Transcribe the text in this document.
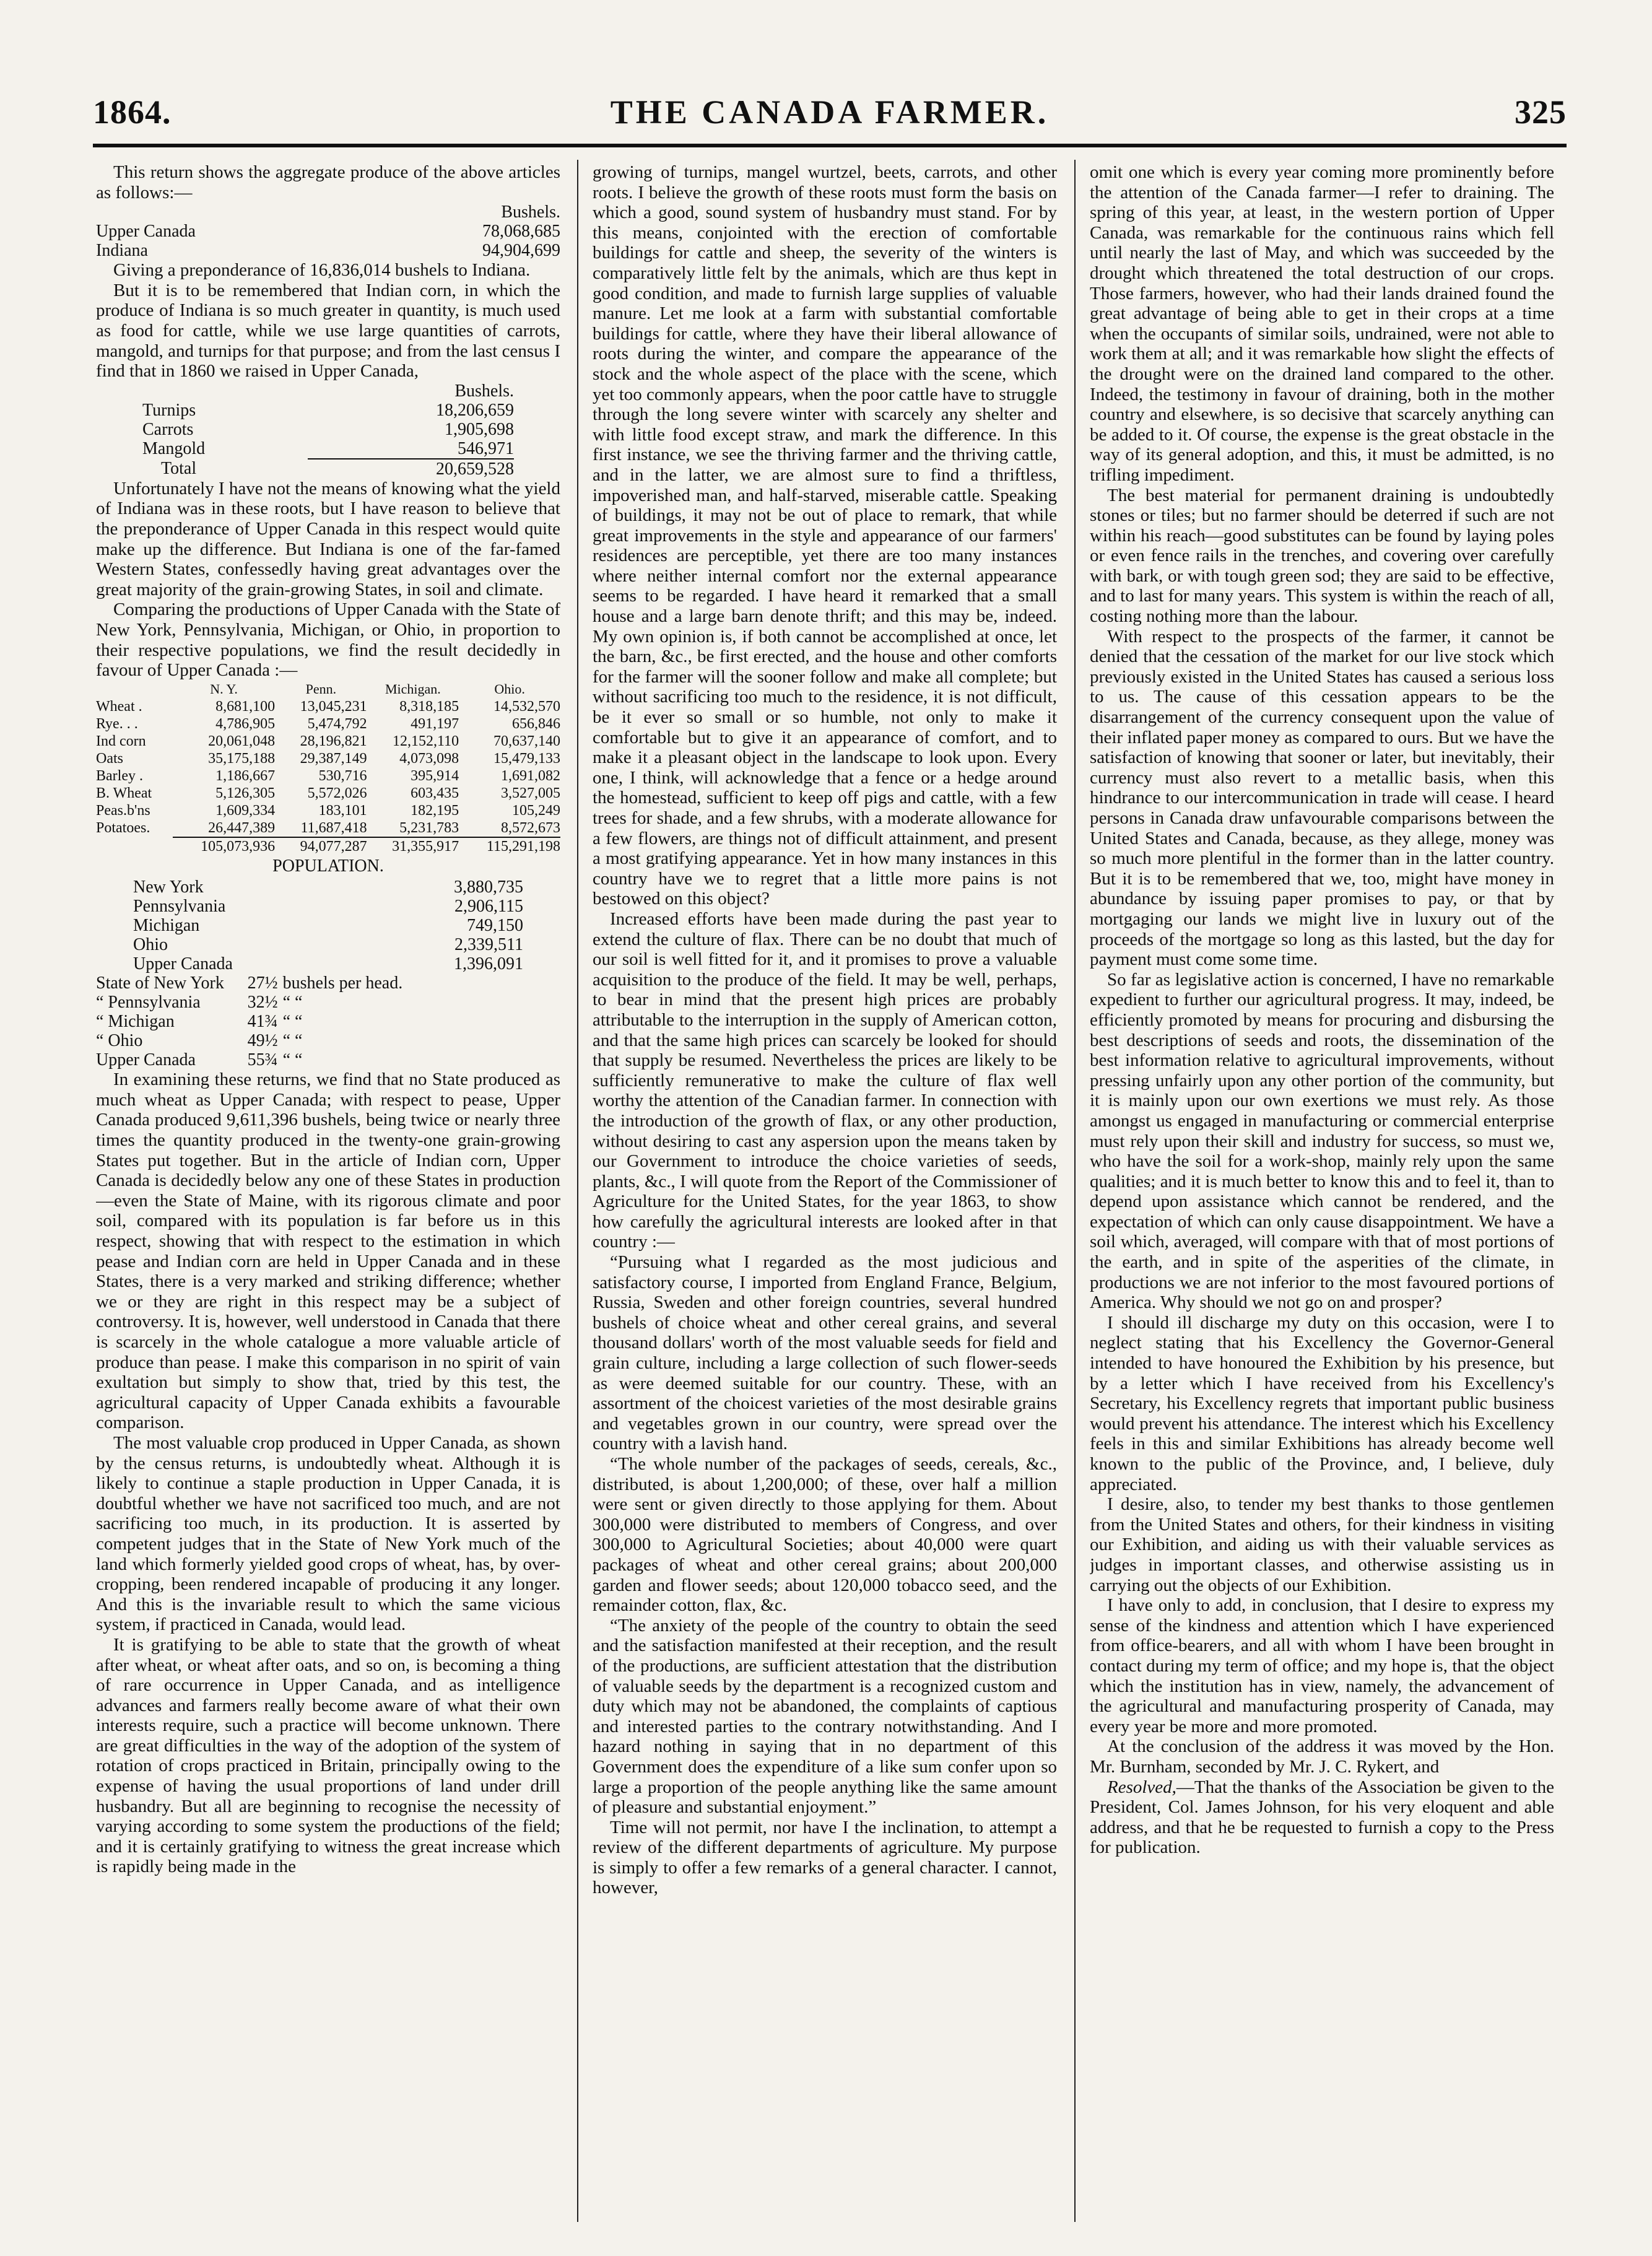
THE CANADA FARMER.
1864.	325

This return shows the aggregate produce of the above articles as follows:—

	Bushels.
Upper Canada	78,068,685
Indiana	94,904,699

Giving a preponderance of 16,836,014 bushels to Indiana.

But it is to be remembered that Indian corn, in which the produce of Indiana is so much greater in quantity, is much used as food for cattle, while we use large quantities of carrots, mangold, and turnips for that purpose; and from the last census I find that in 1860 we raised in Upper Canada,

	Bushels.
Turnips	18,206,659
Carrots	1,905,698
Mangold	546,971
Total	20,659,528

Unfortunately I have not the means of knowing what the yield of Indiana was in these roots, but I have reason to believe that the preponderance of Upper Canada in this respect would quite make up the difference. But Indiana is one of the far-famed Western States, confessedly having great advantages over the great majority of the grain-growing States, in soil and climate.

Comparing the productions of Upper Canada with the State of New York, Pennsylvania, Michigan, or Ohio, in proportion to their respective populations, we find the result decidedly in favour of Upper Canada :—

	N. Y.	Penn.	Michigan.	Ohio.
Wheat .	8,681,100	13,045,231	8,318,185	14,532,570
Rye. . .	4,786,905	5,474,792	491,197	656,846
Ind corn	20,061,048	28,196,821	12,152,110	70,637,140
Oats	35,175,188	29,387,149	4,073,098	15,479,133
Barley .	1,186,667	530,716	395,914	1,691,082
B. Wheat	5,126,305	5,572,026	603,435	3,527,005
Peas.b'ns	1,609,334	183,101	182,195	105,249
Potatoes.	26,447,389	11,687,418	5,231,783	8,572,673
	105,073,936	94,077,287	31,355,917	115,291,198
POPULATION.
New York	3,880,735
Pennsylvania	2,906,115
Michigan	749,150
Ohio	2,339,511
Upper Canada	1,396,091
State of New York	27½	bushels per head.
“ Pennsylvania	32½	“ “
“ Michigan	41¾	“ “
“ Ohio	49½	“ “
Upper Canada	55¾	“ “

In examining these returns, we find that no State produced as much wheat as Upper Canada; with respect to pease, Upper Canada produced 9,611,396 bushels, being twice or nearly three times the quantity produced in the twenty-one grain-growing States put together. But in the article of Indian corn, Upper Canada is decidedly below any one of these States in production—even the State of Maine, with its rigorous climate and poor soil, compared with its population is far before us in this respect, showing that with respect to the estimation in which pease and Indian corn are held in Upper Canada and in these States, there is a very marked and striking difference; whether we or they are right in this respect may be a subject of controversy. It is, however, well understood in Canada that there is scarcely in the whole catalogue a more valuable article of produce than pease. I make this comparison in no spirit of vain exultation but simply to show that, tried by this test, the agricultural capacity of Upper Canada exhibits a favourable comparison.

The most valuable crop produced in Upper Canada, as shown by the census returns, is undoubtedly wheat. Although it is likely to continue a staple production in Upper Canada, it is doubtful whether we have not sacrificed too much, and are not sacrificing too much, in its production. It is asserted by competent judges that in the State of New York much of the land which formerly yielded good crops of wheat, has, by over-cropping, been rendered incapable of producing it any longer. And this is the invariable result to which the same vicious system, if practiced in Canada, would lead.

It is gratifying to be able to state that the growth of wheat after wheat, or wheat after oats, and so on, is becoming a thing of rare occurrence in Upper Canada, and as intelligence advances and farmers really become aware of what their own interests require, such a practice will become unknown. There are great difficulties in the way of the adoption of the system of rotation of crops practiced in Britain, principally owing to the expense of having the usual proportions of land under drill husbandry. But all are beginning to recognise the necessity of varying according to some system the productions of the field; and it is certainly gratifying to witness the great increase which is rapidly being made in the

growing of turnips, mangel wurtzel, beets, carrots, and other roots. I believe the growth of these roots must form the basis on which a good, sound system of husbandry must stand. For by this means, conjointed with the erection of comfortable buildings for cattle and sheep, the severity of the winters is comparatively little felt by the animals, which are thus kept in good condition, and made to furnish large supplies of valuable manure. Let me look at a farm with substantial comfortable buildings for cattle, where they have their liberal allowance of roots during the winter, and compare the appearance of the stock and the whole aspect of the place with the scene, which yet too commonly appears, when the poor cattle have to struggle through the long severe winter with scarcely any shelter and with little food except straw, and mark the difference. In this first instance, we see the thriving farmer and the thriving cattle, and in the latter, we are almost sure to find a thriftless, impoverished man, and half-starved, miserable cattle. Speaking of buildings, it may not be out of place to remark, that while great improvements in the style and appearance of our farmers' residences are perceptible, yet there are too many instances where neither internal comfort nor the external appearance seems to be regarded. I have heard it remarked that a small house and a large barn denote thrift; and this may be, indeed. My own opinion is, if both cannot be accomplished at once, let the barn, &c., be first erected, and the house and other comforts for the farmer will the sooner follow and make all complete; but without sacrificing too much to the residence, it is not difficult, be it ever so small or so humble, not only to make it comfortable but to give it an appearance of comfort, and to make it a pleasant object in the landscape to look upon. Every one, I think, will acknowledge that a fence or a hedge around the homestead, sufficient to keep off pigs and cattle, with a few trees for shade, and a few shrubs, with a moderate allowance for a few flowers, are things not of difficult attainment, and present a most gratifying appearance. Yet in how many instances in this country have we to regret that a little more pains is not bestowed on this object?

Increased efforts have been made during the past year to extend the culture of flax. There can be no doubt that much of our soil is well fitted for it, and it promises to prove a valuable acquisition to the produce of the field. It may be well, perhaps, to bear in mind that the present high prices are probably attributable to the interruption in the supply of American cotton, and that the same high prices can scarcely be looked for should that supply be resumed. Nevertheless the prices are likely to be sufficiently remunerative to make the culture of flax well worthy the attention of the Canadian farmer. In connection with the introduction of the growth of flax, or any other production, without desiring to cast any aspersion upon the means taken by our Government to introduce the choice varieties of seeds, plants, &c., I will quote from the Report of the Commissioner of Agriculture for the United States, for the year 1863, to show how carefully the agricultural interests are looked after in that country :—

“Pursuing what I regarded as the most judicious and satisfactory course, I imported from England France, Belgium, Russia, Sweden and other foreign countries, several hundred bushels of choice wheat and other cereal grains, and several thousand dollars' worth of the most valuable seeds for field and grain culture, including a large collection of such flower-seeds as were deemed suitable for our country. These, with an assortment of the choicest varieties of the most desirable grains and vegetables grown in our country, were spread over the country with a lavish hand.

“The whole number of the packages of seeds, cereals, &c., distributed, is about 1,200,000; of these, over half a million were sent or given directly to those applying for them. About 300,000 were distributed to members of Congress, and over 300,000 to Agricultural Societies; about 40,000 were quart packages of wheat and other cereal grains; about 200,000 garden and flower seeds; about 120,000 tobacco seed, and the remainder cotton, flax, &c.

“The anxiety of the people of the country to obtain the seed and the satisfaction manifested at their reception, and the result of the productions, are sufficient attestation that the distribution of valuable seeds by the department is a recognized custom and duty which may not be abandoned, the complaints of captious and interested parties to the contrary notwithstanding. And I hazard nothing in saying that in no department of this Government does the expenditure of a like sum confer upon so large a proportion of the people anything like the same amount of pleasure and substantial enjoyment.”

Time will not permit, nor have I the inclination, to attempt a review of the different departments of agriculture. My purpose is simply to offer a few remarks of a general character. I cannot, however,

omit one which is every year coming more prominently before the attention of the Canada farmer—I refer to draining. The spring of this year, at least, in the western portion of Upper Canada, was remarkable for the continuous rains which fell until nearly the last of May, and which was succeeded by the drought which threatened the total destruction of our crops. Those farmers, however, who had their lands drained found the great advantage of being able to get in their crops at a time when the occupants of similar soils, undrained, were not able to work them at all; and it was remarkable how slight the effects of the drought were on the drained land compared to the other. Indeed, the testimony in favour of draining, both in the mother country and elsewhere, is so decisive that scarcely anything can be added to it. Of course, the expense is the great obstacle in the way of its general adoption, and this, it must be admitted, is no trifling impediment.

The best material for permanent draining is undoubtedly stones or tiles; but no farmer should be deterred if such are not within his reach—good substitutes can be found by laying poles or even fence rails in the trenches, and covering over carefully with bark, or with tough green sod; they are said to be effective, and to last for many years. This system is within the reach of all, costing nothing more than the labour.

With respect to the prospects of the farmer, it cannot be denied that the cessation of the market for our live stock which previously existed in the United States has caused a serious loss to us. The cause of this cessation appears to be the disarrangement of the currency consequent upon the value of their inflated paper money as compared to ours. But we have the satisfaction of knowing that sooner or later, but inevitably, their currency must also revert to a metallic basis, when this hindrance to our intercommunication in trade will cease. I heard persons in Canada draw unfavourable comparisons between the United States and Canada, because, as they allege, money was so much more plentiful in the former than in the latter country. But it is to be remembered that we, too, might have money in abundance by issuing paper promises to pay, or that by mortgaging our lands we might live in luxury out of the proceeds of the mortgage so long as this lasted, but the day for payment must come some time.

So far as legislative action is concerned, I have no remarkable expedient to further our agricultural progress. It may, indeed, be efficiently promoted by means for procuring and disbursing the best descriptions of seeds and roots, the dissemination of the best information relative to agricultural improvements, without pressing unfairly upon any other portion of the community, but it is mainly upon our own exertions we must rely. As those amongst us engaged in manufacturing or commercial enterprise must rely upon their skill and industry for success, so must we, who have the soil for a work-shop, mainly rely upon the same qualities; and it is much better to know this and to feel it, than to depend upon assistance which cannot be rendered, and the expectation of which can only cause disappointment. We have a soil which, averaged, will compare with that of most portions of the earth, and in spite of the asperities of the climate, in productions we are not inferior to the most favoured portions of America. Why should we not go on and prosper?

I should ill discharge my duty on this occasion, were I to neglect stating that his Excellency the Governor-General intended to have honoured the Exhibition by his presence, but by a letter which I have received from his Excellency's Secretary, his Excellency regrets that important public business would prevent his attendance. The interest which his Excellency feels in this and similar Exhibitions has already become well known to the public of the Province, and, I believe, duly appreciated.

I desire, also, to tender my best thanks to those gentlemen from the United States and others, for their kindness in visiting our Exhibition, and aiding us with their valuable services as judges in important classes, and otherwise assisting us in carrying out the objects of our Exhibition.

I have only to add, in conclusion, that I desire to express my sense of the kindness and attention which I have experienced from office-bearers, and all with whom I have been brought in contact during my term of office; and my hope is, that the object which the institution has in view, namely, the advancement of the agricultural and manufacturing prosperity of Canada, may every year be more and more promoted.

At the conclusion of the address it was moved by the Hon. Mr. Burnham, seconded by Mr. J. C. Rykert, and

Resolved,—That the thanks of the Association be given to the President, Col. James Johnson, for his very eloquent and able address, and that he be requested to furnish a copy to the Press for publication.
